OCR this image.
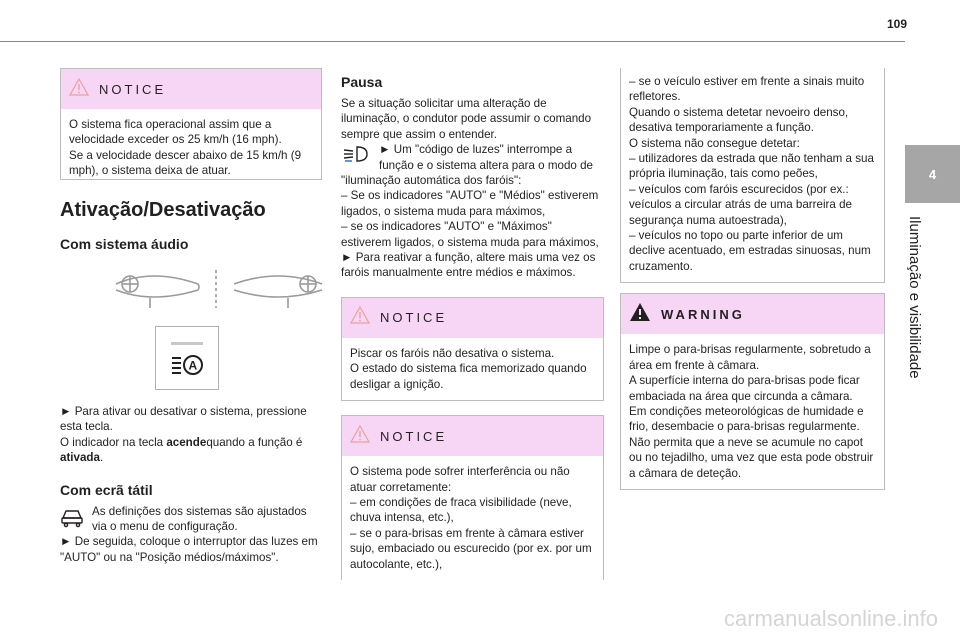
109
4
Iluminação e visibilidade
NOTICE

O sistema fica operacional assim que a velocidade exceder os 25 km/h (16 mph).
Se a velocidade descer abaixo de 15 km/h (9 mph), o sistema deixa de atuar.

Ativação/Desativação
Com sistema áudio
A

► Para ativar ou desativar o sistema, pressione esta tecla.
O indicador na tecla acendequando a função é ativada.

Com ecrã tátil

As definições dos sistemas são ajustados via o menu de configuração.

► De seguida, coloque o interruptor das luzes em "AUTO" ou na "Posição médios/máximos".

Pausa

Se a situação solicitar uma alteração de iluminação, o condutor pode assumir o comando sempre que assim o entender.

► Um "código de luzes" interrompe a função e o sistema altera para o modo de "iluminação automática dos faróis":

– Se os indicadores "AUTO" e "Médios" estiverem ligados, o sistema muda para máximos,
– se os indicadores "AUTO" e "Máximos" estiverem ligados, o sistema muda para máximos,
► Para reativar a função, altere mais uma vez os faróis manualmente entre médios e máximos.

NOTICE

Piscar os faróis não desativa o sistema.
O estado do sistema fica memorizado quando desligar a ignição.

NOTICE

O sistema pode sofrer interferência ou não atuar corretamente:
– em condições de fraca visibilidade (neve, chuva intensa, etc.),
– se o para-brisas em frente à câmara estiver sujo, embaciado ou escurecido (por ex. por um autocolante, etc.),

– se o veículo estiver em frente a sinais muito refletores.
Quando o sistema detetar nevoeiro denso, desativa temporariamente a função.
O sistema não consegue detetar:
– utilizadores da estrada que não tenham a sua própria iluminação, tais como peões,
– veículos com faróis escurecidos (por ex.: veículos a circular atrás de uma barreira de segurança numa autoestrada),
– veículos no topo ou parte inferior de um declive acentuado, em estradas sinuosas, num cruzamento.

WARNING

Limpe o para-brisas regularmente, sobretudo a área em frente à câmara.
A superfície interna do para-brisas pode ficar embaciada na área que circunda a câmara.
Em condições meteorológicas de humidade e frio, desembacie o para-brisas regularmente.
Não permita que a neve se acumule no capot ou no tejadilho, uma vez que esta pode obstruir a câmara de deteção.

carmanualsonline.info
